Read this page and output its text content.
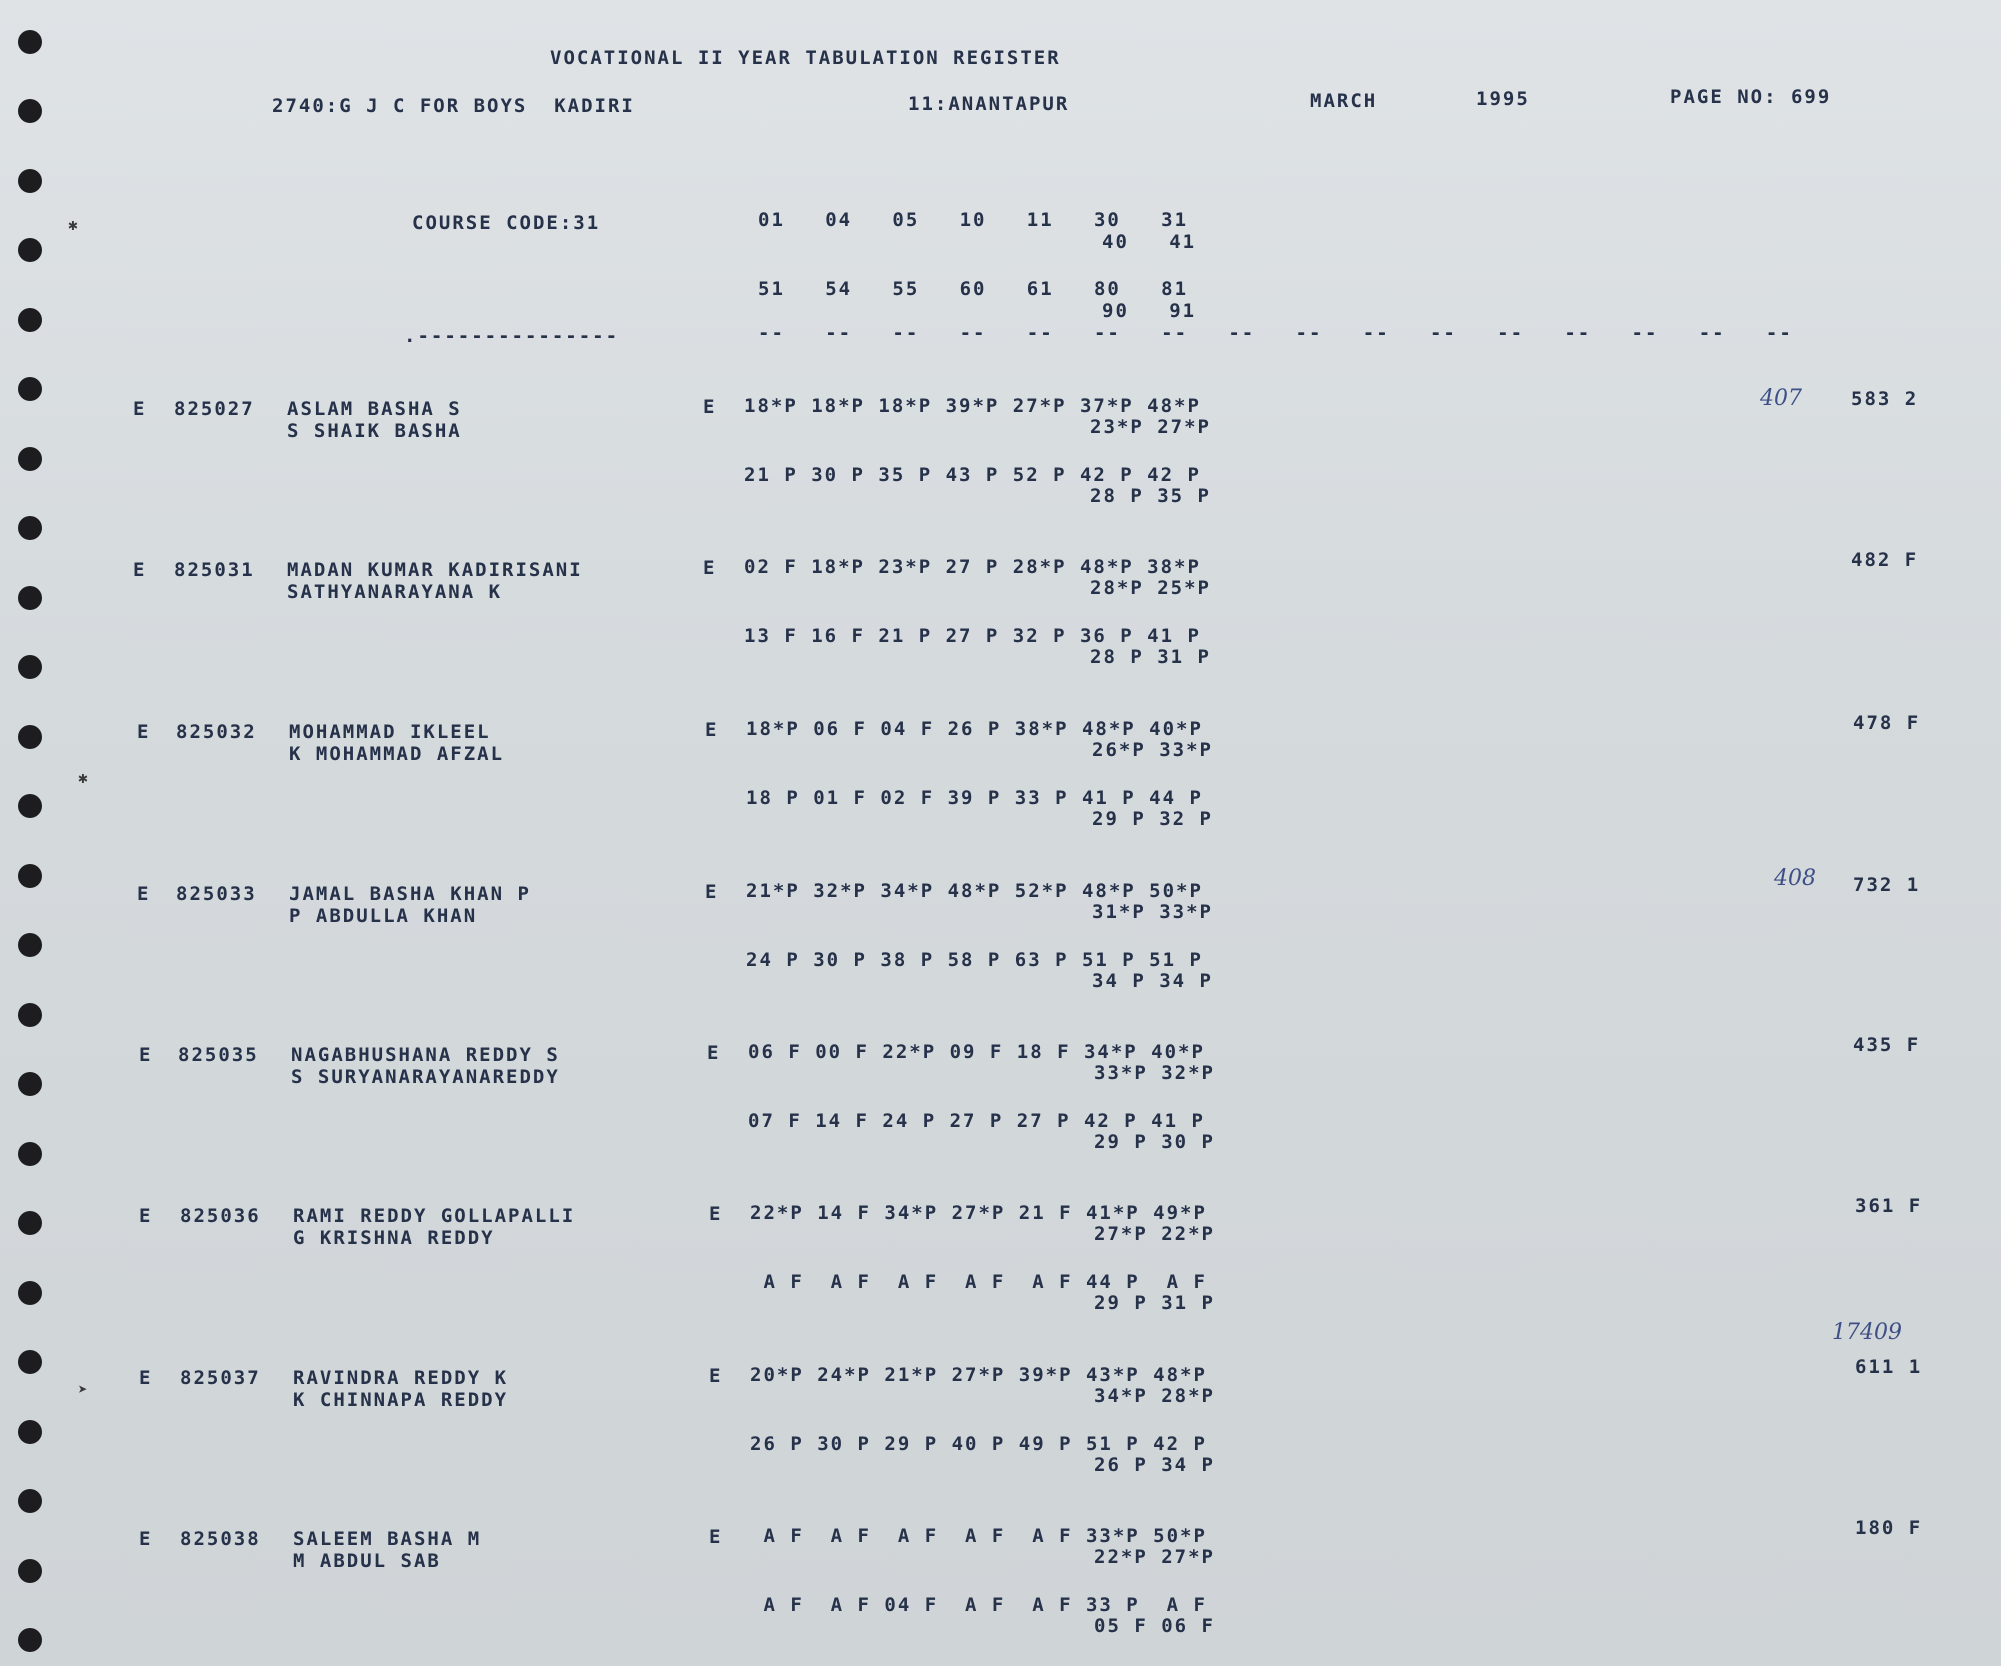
✱
✱
➤
VOCATIONAL II YEAR TABULATION REGISTER
2740:G J C FOR BOYS  KADIRI	11:ANANTAPUR	MARCH	1995	PAGE NO: 699
COURSE CODE:31	01   04   05   10   11   30   31
40   41
51   54   55   60   61   80   81
90   91
.---------------	--   --   --   --   --   --   --   --   --   --   --   --   --   --   --   --
E 825027 ASLAM BASHA S
S SHAIK BASHA
E 18*P 18*P 18*P 39*P 27*P 37*P 48*P
23*P 27*P
21 P 30 P 35 P 43 P 52 P 42 P 42 P
28 P 35 P
407	583 2
E 825031 MADAN KUMAR KADIRISANI
SATHYANARAYANA K
E 02 F 18*P 23*P 27 P 28*P 48*P 38*P
28*P 25*P
13 F 16 F 21 P 27 P 32 P 36 P 41 P
28 P 31 P
482 F
E 825032 MOHAMMAD IKLEEL
K MOHAMMAD AFZAL
E 18*P 06 F 04 F 26 P 38*P 48*P 40*P
26*P 33*P
18 P 01 F 02 F 39 P 33 P 41 P 44 P
29 P 32 P
478 F
E 825033 JAMAL BASHA KHAN P
P ABDULLA KHAN
E 21*P 32*P 34*P 48*P 52*P 48*P 50*P
31*P 33*P
24 P 30 P 38 P 58 P 63 P 51 P 51 P
34 P 34 P
408 732 1
E 825035 NAGABHUSHANA REDDY S
S SURYANARAYANAREDDY
E 06 F 00 F 22*P 09 F 18 F 34*P 40*P
33*P 32*P
07 F 14 F 24 P 27 P 27 P 42 P 41 P
29 P 30 P
435 F
E 825036 RAMI REDDY GOLLAPALLI
G KRISHNA REDDY
E 22*P 14 F 34*P 27*P 21 F 41*P 49*P
27*P 22*P
A F  A F  A F  A F  A F 44 P  A F
29 P 31 P
361 F
E 825037 RAVINDRA REDDY K
K CHINNAPA REDDY
E 20*P 24*P 21*P 27*P 39*P 43*P 48*P
34*P 28*P
26 P 30 P 29 P 40 P 49 P 51 P 42 P
26 P 34 P
17409
611 1
E 825038 SALEEM BASHA M
M ABDUL SAB
E A F  A F  A F  A F  A F 33*P 50*P
22*P 27*P
A F  A F 04 F  A F  A F 33 P  A F
05 F 06 F
180 F
